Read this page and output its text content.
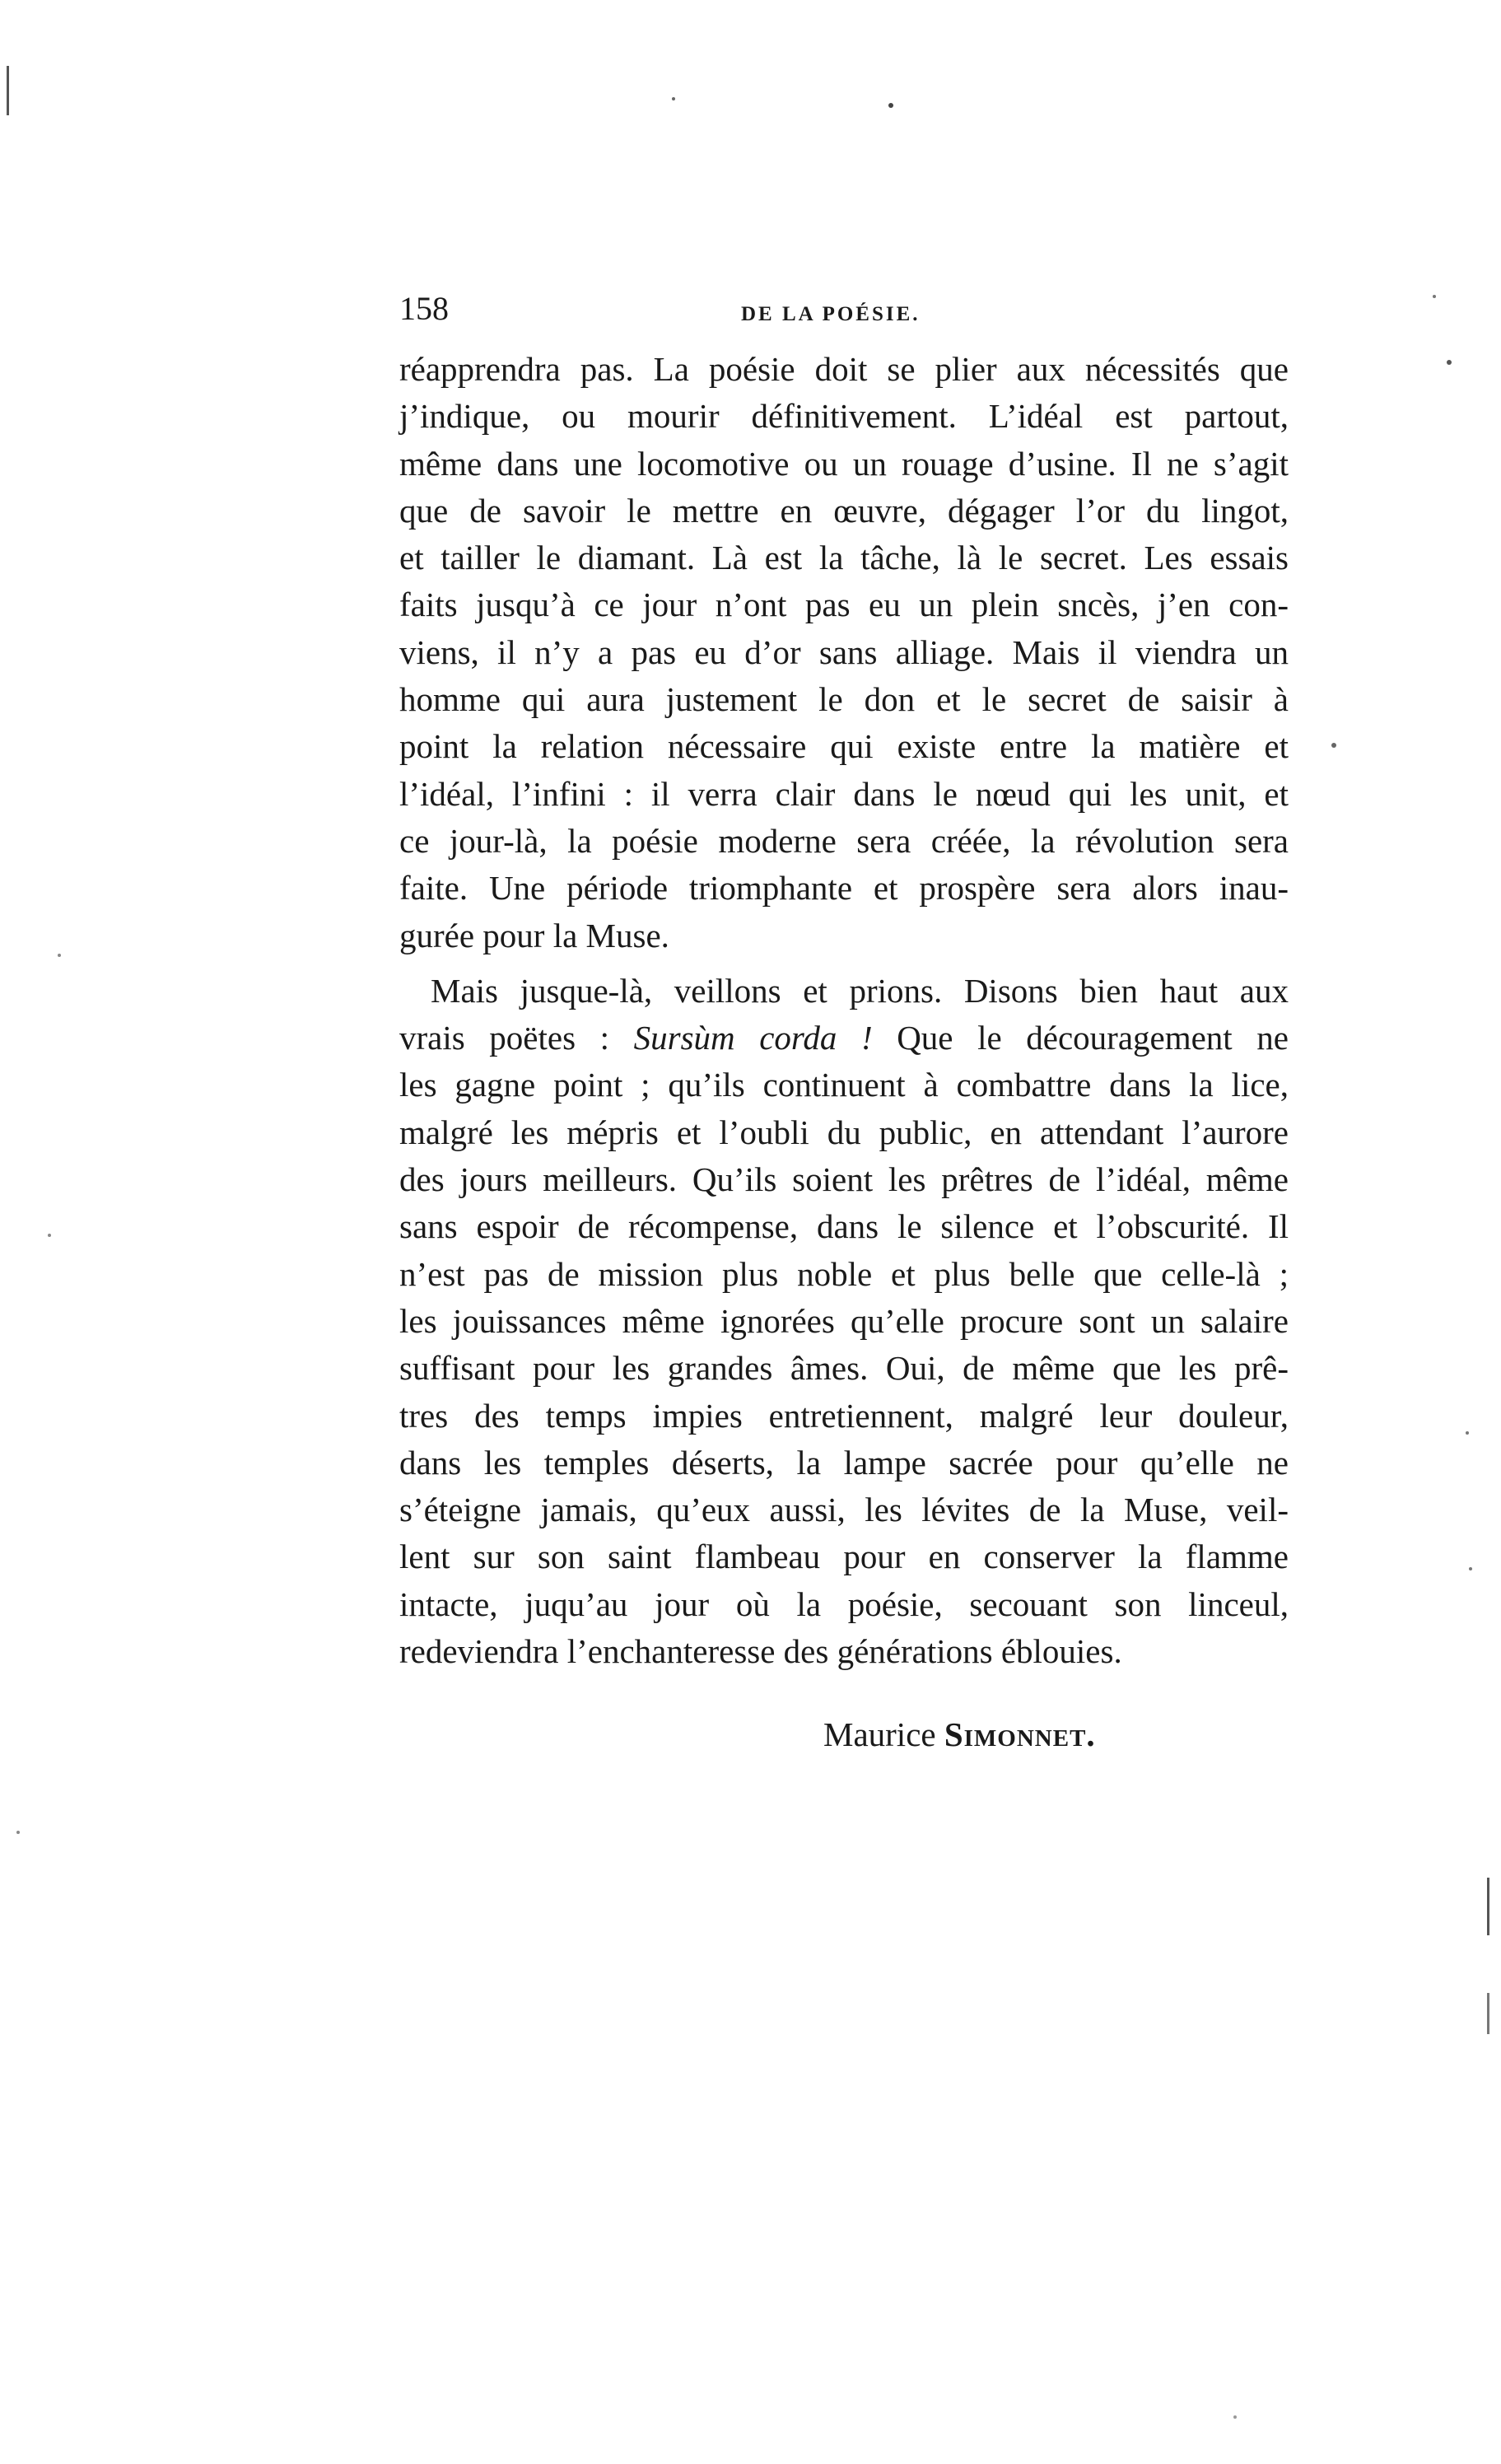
158	DE LA POÉSIE.
réapprendra pas. La poésie doit se plier aux nécessités que
j’indique, ou mourir définitivement. L’idéal est partout,
même dans une locomotive ou un rouage d’usine. Il ne s’agit
que de savoir le mettre en œuvre, dégager l’or du lingot,
et tailler le diamant. Là est la tâche, là le secret. Les essais
faits jusqu’à ce jour n’ont pas eu un plein sncès, j’en con-
viens, il n’y a pas eu d’or sans alliage. Mais il viendra un
homme qui aura justement le don et le secret de saisir à
point la relation nécessaire qui existe entre la matière et
l’idéal, l’infini : il verra clair dans le nœud qui les unit, et
ce jour-là, la poésie moderne sera créée, la révolution sera
faite. Une période triomphante et prospère sera alors inau-
gurée pour la Muse.
Mais jusque-là, veillons et prions. Disons bien haut aux
vrais poëtes : Sursùm corda ! Que le découragement ne
les gagne point ; qu’ils continuent à combattre dans la lice,
malgré les mépris et l’oubli du public, en attendant l’aurore
des jours meilleurs. Qu’ils soient les prêtres de l’idéal, même
sans espoir de récompense, dans le silence et l’obscurité. Il
n’est pas de mission plus noble et plus belle que celle-là ;
les jouissances même ignorées qu’elle procure sont un salaire
suffisant pour les grandes âmes. Oui, de même que les prê-
tres des temps impies entretiennent, malgré leur douleur,
dans les temples déserts, la lampe sacrée pour qu’elle ne
s’éteigne jamais, qu’eux aussi, les lévites de la Muse, veil-
lent sur son saint flambeau pour en conserver la flamme
intacte, juqu’au jour où la poésie, secouant son linceul,
redeviendra l’enchanteresse des générations éblouies.
Maurice Simonnet.
